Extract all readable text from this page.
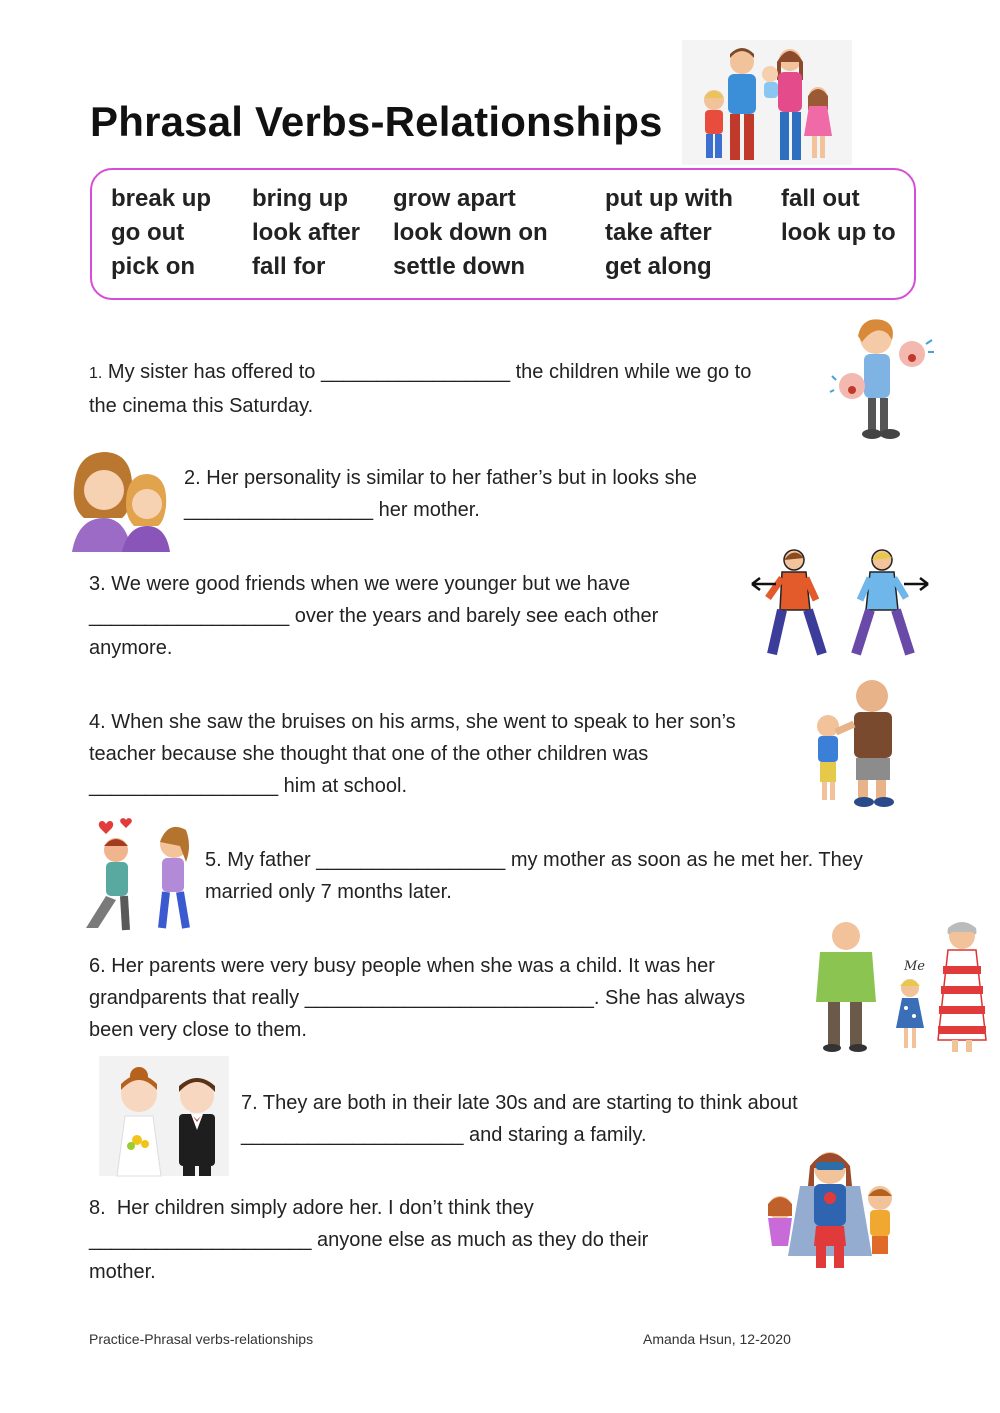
Phrasal Verbs-Relationships
break up
go out
pick on
bring up
look after
fall for
grow apart
look down on
settle down
put up with
take after
get along
fall out
look up to
1. My sister has offered to _________________ the children while we go to
the cinema this Saturday.
2. Her personality is similar to her father’s but in looks she
_________________ her mother.
3. We were good friends when we were younger but we have
__________________ over the years and barely see each other
anymore.
4. When she saw the bruises on his arms, she went to speak to her son’s
teacher because she thought that one of the other children was
_________________ him at school.
5. My father _________________ my mother as soon as he met her. They
married only 7 months later.
6. Her parents were very busy people when she was a child. It was her
grandparents that really __________________________. She has always
been very close to them.
Me
7. They are both in their late 30s and are starting to think about
____________________ and staring a family.
8. Her children simply adore her. I don’t think they
____________________ anyone else as much as they do their
mother.
Practice-Phrasal verbs-relationships	Amanda Hsun, 12-2020
